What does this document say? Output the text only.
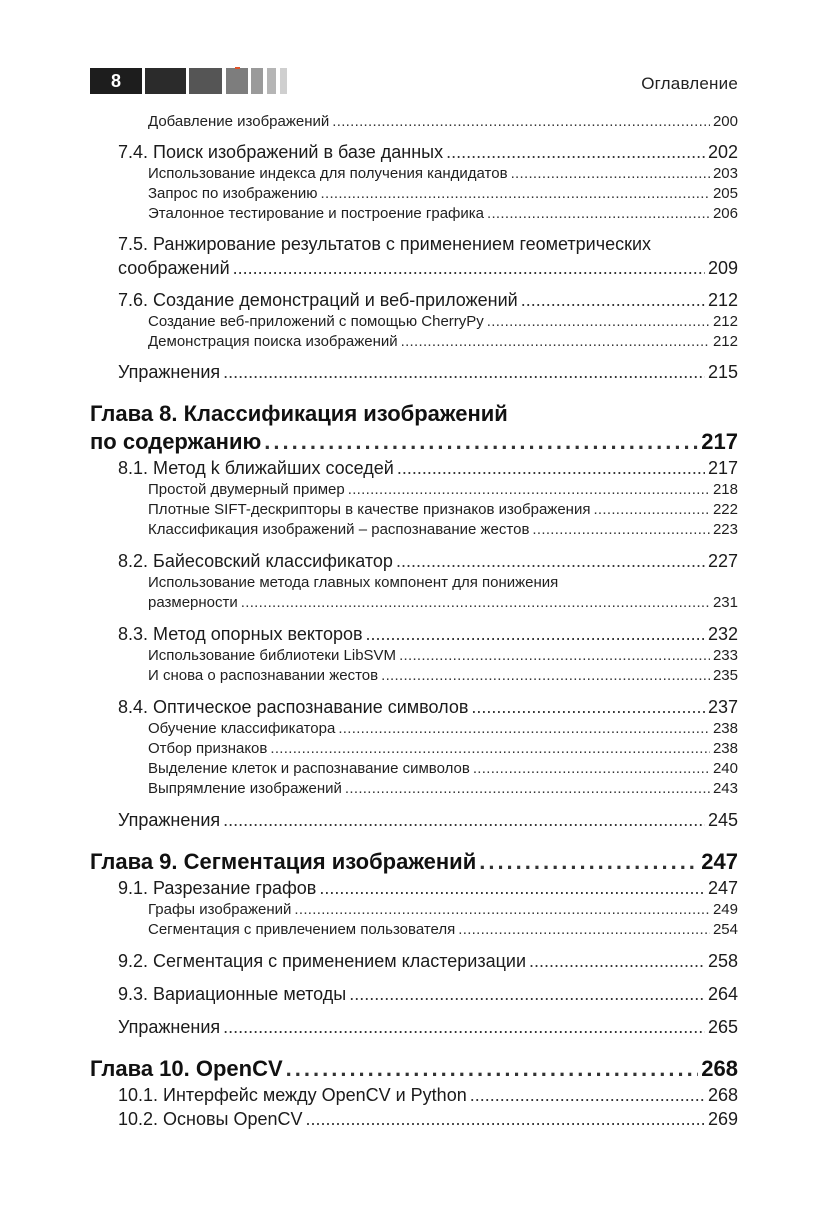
8	Оглавление
Добавление изображений .....	200
7.4. Поиск изображений в базе данных .....	202
Использование индекса для получения кандидатов .....	203
Запрос по изображению .....	205
Эталонное тестирование и построение графика .....	206
7.5. Ранжирование результатов с применением геометрических
соображений .....	209
7.6. Создание демонстраций и веб-приложений .....	212
Создание веб-приложений с помощью CherryPy .....	212
Демонстрация поиска изображений .....	212
Упражнения .....	215
Глава 8. Классификация изображений
по содержанию .....	217
8.1. Метод k ближайших соседей .....	217
Простой двумерный пример .....	218
Плотные SIFT-дескрипторы в качестве признаков изображения .....	222
Классификация изображений – распознавание жестов .....	223
8.2. Байесовский классификатор .....	227
Использование метода главных компонент для понижения
размерности .....	231
8.3. Метод опорных векторов .....	232
Использование библиотеки LibSVM .....	233
И снова о распознавании жестов .....	235
8.4. Оптическое распознавание символов .....	237
Обучение классификатора .....	238
Отбор признаков .....	238
Выделение клеток и распознавание символов .....	240
Выпрямление изображений .....	243
Упражнения .....	245
Глава 9. Сегментация изображений .....	247
9.1. Разрезание графов .....	247
Графы изображений .....	249
Сегментация с привлечением пользователя .....	254
9.2. Сегментация с применением кластеризации .....	258
9.3. Вариационные методы .....	264
Упражнения .....	265
Глава 10. OpenCV .....	268
10.1. Интерфейс между OpenCV и Python .....	268
10.2. Основы OpenCV .....	269
